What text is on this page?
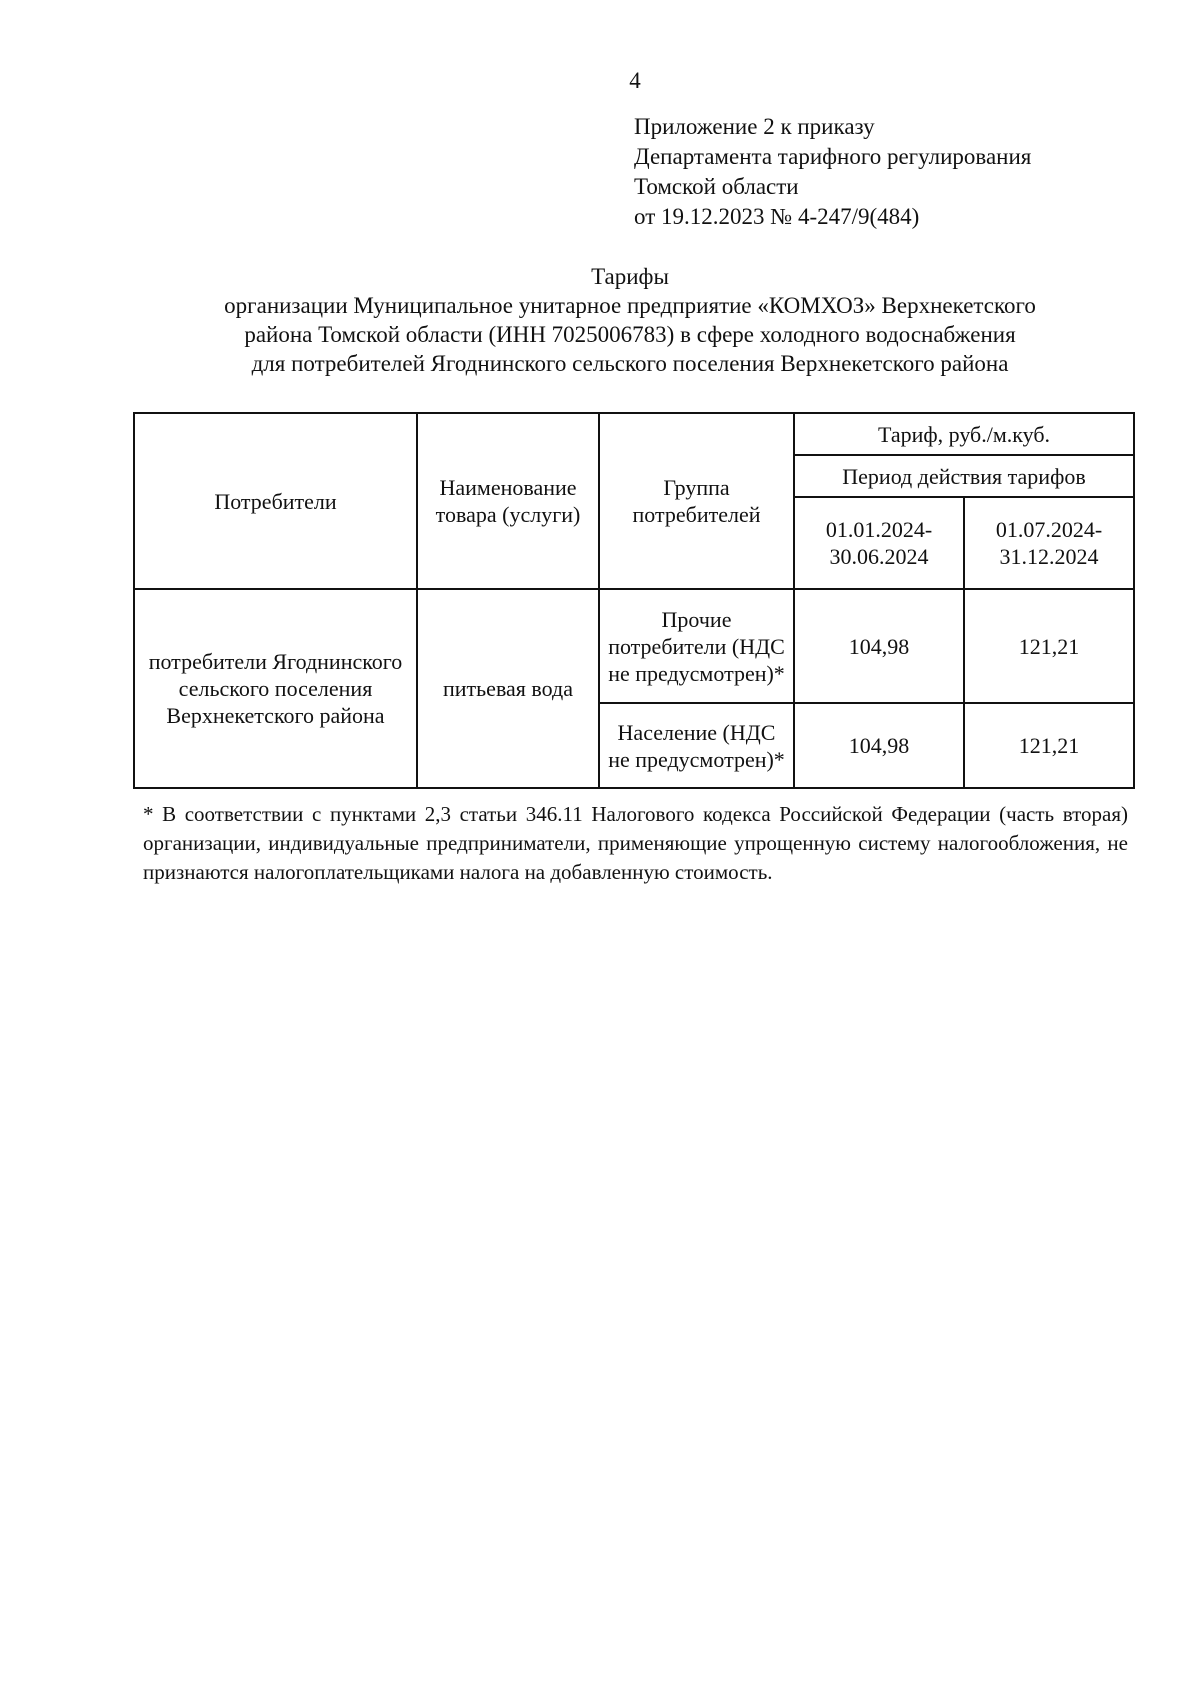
4
Приложение 2 к приказу
Департамента тарифного регулирования
Томской области
от 19.12.2023 № 4-247/9(484)
Тарифы
организации Муниципальное унитарное предприятие «КОМХОЗ» Верхнекетского
района Томской области (ИНН 7025006783) в сфере холодного водоснабжения
для потребителей Ягоднинского сельского поселения Верхнекетского района
Потребители	Наименование товара (услуги)	Группа потребителей	Тариф, руб./м.куб.	
			Период действия тарифов	
			01.01.2024-30.06.2024	01.07.2024-31.12.2024
потребители Ягоднинского сельского поселения Верхнекетского района	питьевая вода	Прочие потребители (НДС не предусмотрен)*	104,98	121,21
		Население (НДС не предусмотрен)*	104,98	121,21
* В соответствии с пунктами 2,3 статьи 346.11 Налогового кодекса Российской Федерации (часть вторая) организации, индивидуальные предприниматели, применяющие упрощенную систему налогообложения, не признаются налогоплательщиками налога на добавленную стоимость.
